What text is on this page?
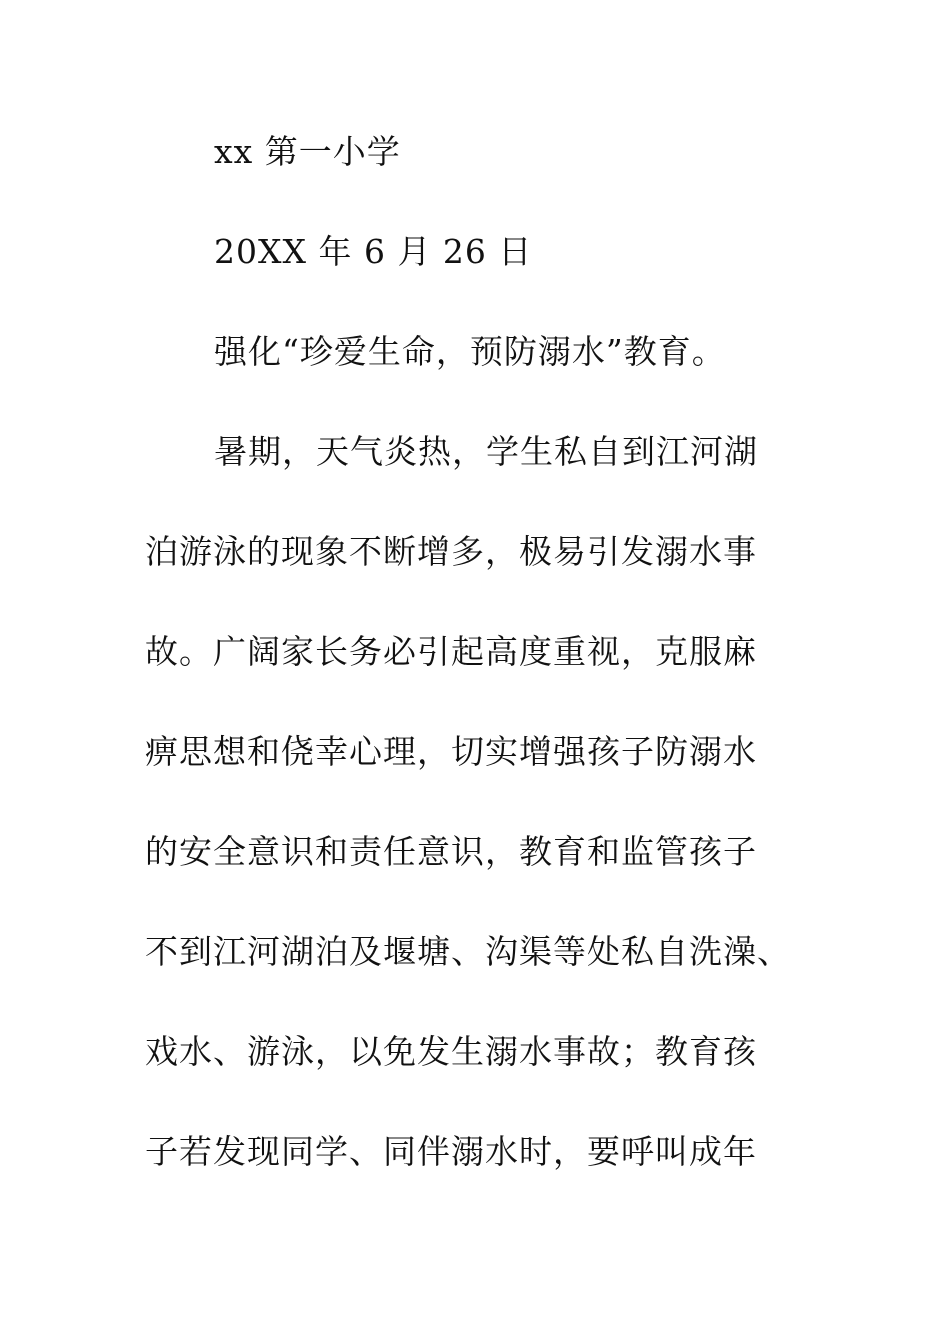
xx 第一小学
20XX 年 6 月 26 日
强化“珍爱生命，预防溺水”教育。
暑期，天气炎热，学生私自到江河湖
泊游泳的现象不断增多，极易引发溺水事
故。广阔家长务必引起高度重视，克服麻
痹思想和侥幸心理，切实增强孩子防溺水
的安全意识和责任意识，教育和监管孩子
不到江河湖泊及堰塘、沟渠等处私自洗澡、
戏水、游泳，以免发生溺水事故；教育孩
子若发现同学、同伴溺水时，要呼叫成年
